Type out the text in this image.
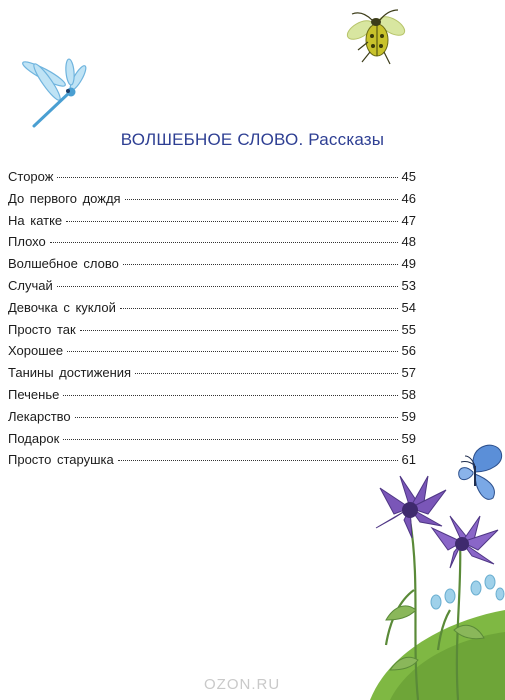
ВОЛШЕБНОЕ СЛОВО. Рассказы
Сторож	45
До первого дождя	46
На катке	47
Плохо	48
Волшебное слово	49
Случай	53
Девочка с куклой	54
Просто так	55
Хорошее	56
Танины достижения	57
Печенье	58
Лекарство	59
Подарок	59
Просто старушка	61
OZON.RU
